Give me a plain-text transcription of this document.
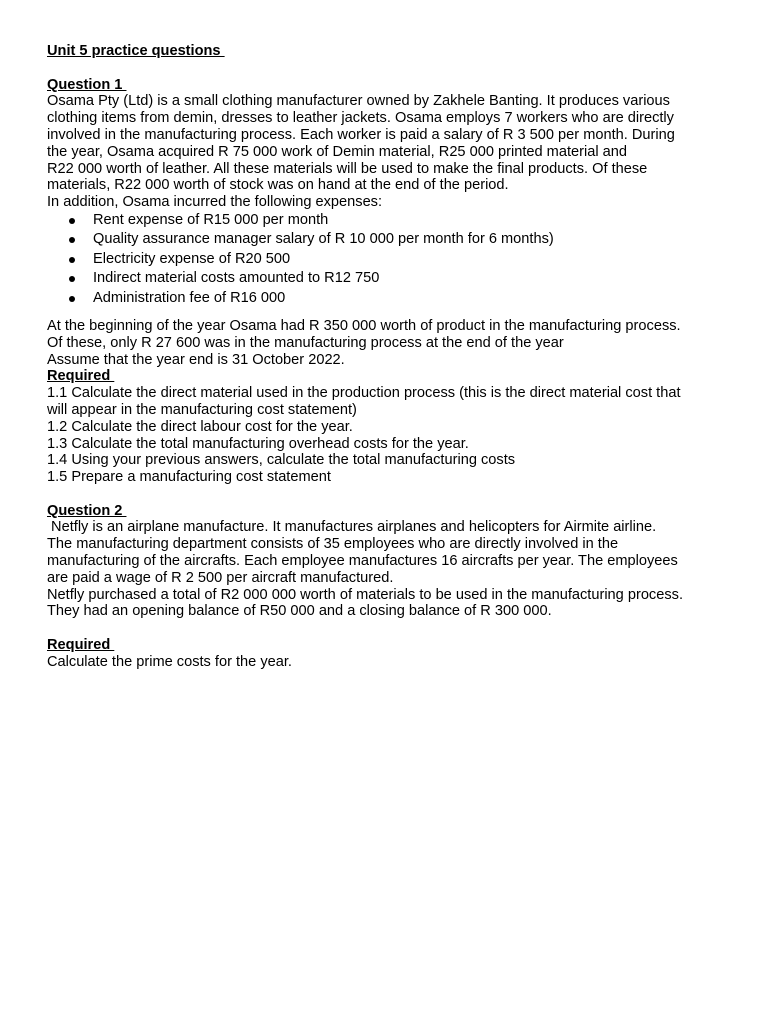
Unit 5 practice questions

Question 1

Osama Pty (Ltd) is a small clothing manufacturer owned by Zakhele Banting. It produces various

clothing items from demin, dresses to leather jackets. Osama employs 7 workers who are directly

involved in the manufacturing process. Each worker is paid a salary of R 3 500 per month. During

the year, Osama acquired R 75 000 work of Demin material, R25 000 printed material and

R22 000 worth of leather. All these materials will be used to make the final products. Of these

materials, R22 000 worth of stock was on hand at the end of the period.

In addition, Osama incurred the following expenses:

Rent expense of R15 000 per month
Quality assurance manager salary of R 10 000 per month for 6 months)
Electricity expense of R20 500
Indirect material costs amounted to R12 750
Administration fee of R16 000

At the beginning of the year Osama had R 350 000 worth of product in the manufacturing process.

Of these, only R 27 600 was in the manufacturing process at the end of the year

Assume that the year end is 31 October 2022.

Required

1.1 Calculate the direct material used in the production process (this is the direct material cost that

will appear in the manufacturing cost statement)

1.2 Calculate the direct labour cost for the year.

1.3 Calculate the total manufacturing overhead costs for the year.

1.4 Using your previous answers, calculate the total manufacturing costs

1.5 Prepare a manufacturing cost statement

Question 2

Netfly is an airplane manufacture. It manufactures airplanes and helicopters for Airmite airline.

The manufacturing department consists of 35 employees who are directly involved in the

manufacturing of the aircrafts. Each employee manufactures 16 aircrafts per year. The employees

are paid a wage of R 2 500 per aircraft manufactured.

Netfly purchased a total of R2 000 000 worth of materials to be used in the manufacturing process.

They had an opening balance of R50 000 and a closing balance of R 300 000.

Required

Calculate the prime costs for the year.
